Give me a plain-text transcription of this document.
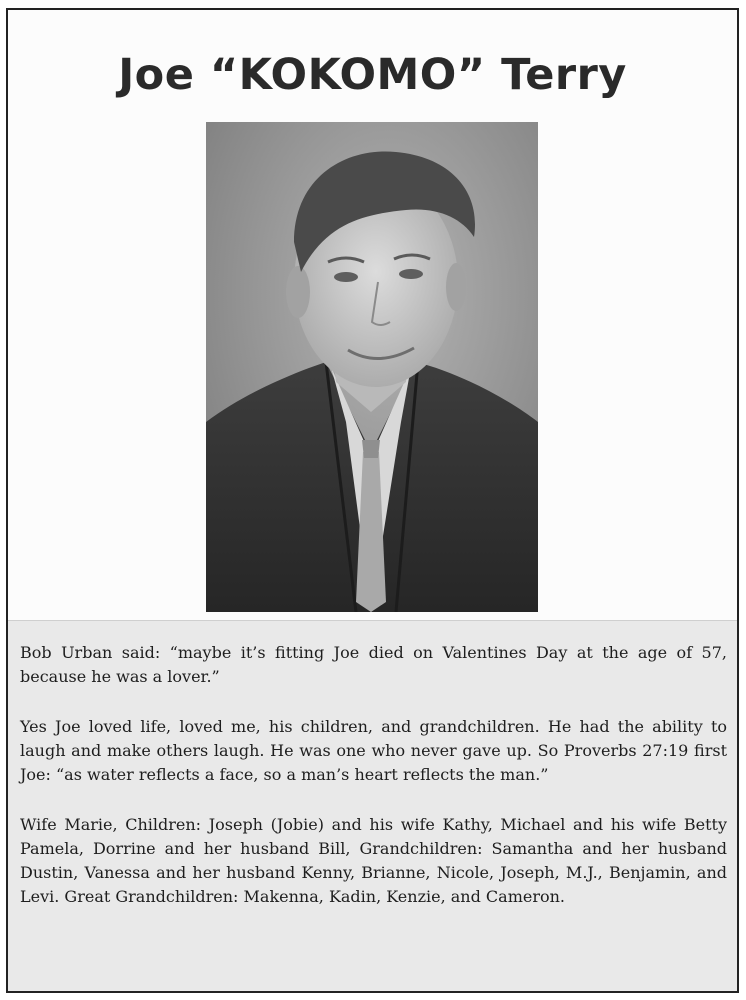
Joe “KOKOMO” Terry

Bob Urban said: “maybe it’s fitting Joe died on Valentines Day at the age of 57, because he was a lover.”

Yes Joe loved life, loved me, his children, and grandchildren. He had the ability to laugh and make others laugh. He was one who never gave up. So Proverbs 27:19 first Joe: “as water reflects a face, so a man’s heart reflects the man.”

Wife Marie, Children: Joseph (Jobie) and his wife Kathy, Michael and his wife Betty Pamela, Dorrine and her husband Bill, Grandchildren: Samantha and her husband Dustin, Vanessa and her husband Kenny, Brianne, Nicole, Joseph, M.J., Benjamin, and Levi. Great Grandchildren: Makenna, Kadin, Kenzie, and Cameron.
